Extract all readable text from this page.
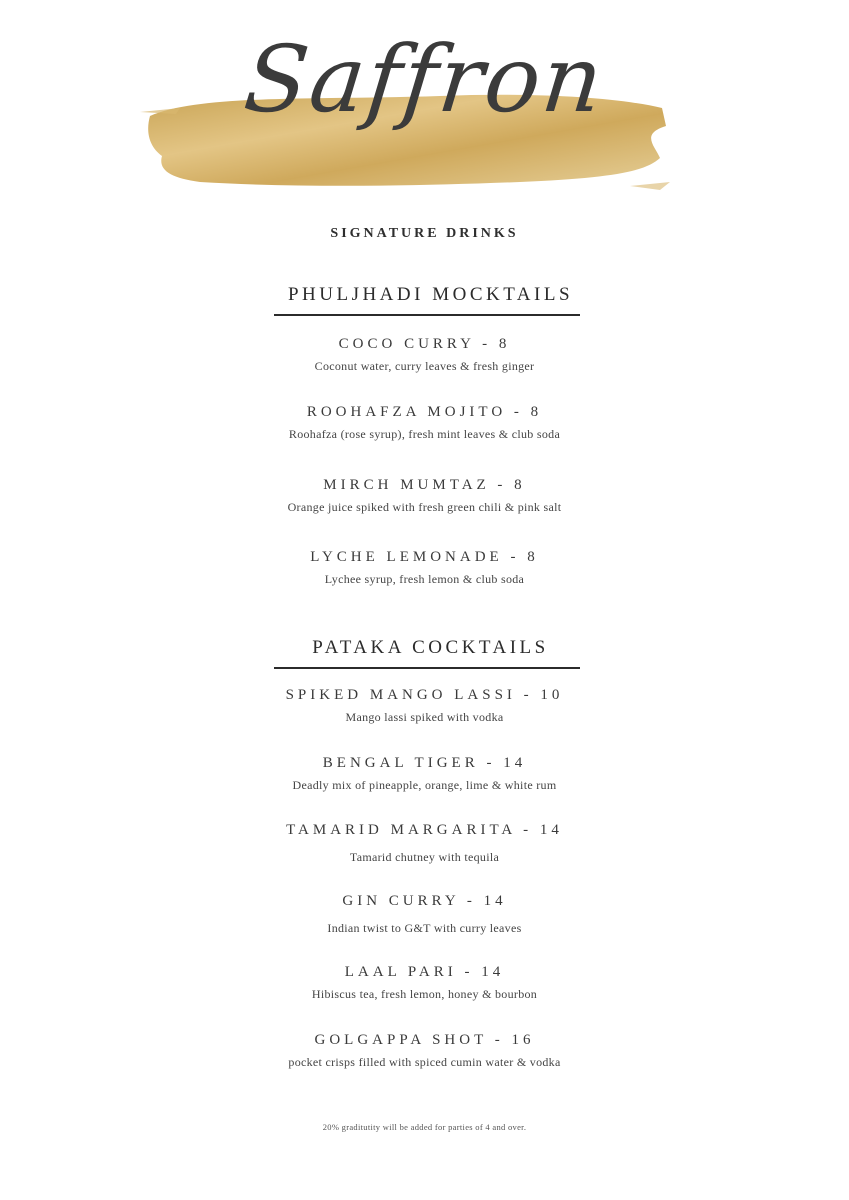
Saffron
SIGNATURE DRINKS
PHULJHADI MOCKTAILS
COCO CURRY - 8
Coconut water, curry leaves & fresh ginger
ROOHAFZA MOJITO - 8
Roohafza (rose syrup), fresh mint leaves & club soda
MIRCH MUMTAZ - 8
Orange juice spiked with fresh green chili & pink salt
LYCHE LEMONADE - 8
Lychee syrup, fresh lemon & club soda
PATAKA COCKTAILS
SPIKED MANGO LASSI - 10
Mango lassi spiked with vodka
BENGAL TIGER - 14
Deadly mix of pineapple, orange, lime & white rum
TAMARID MARGARITA - 14
Tamarid chutney with tequila
GIN CURRY - 14
Indian twist to G&T with curry leaves
LAAL PARI - 14
Hibiscus tea, fresh lemon, honey & bourbon
GOLGAPPA SHOT - 16
pocket crisps filled with spiced cumin water & vodka
20% graditutity will be added for parties of 4 and over.
